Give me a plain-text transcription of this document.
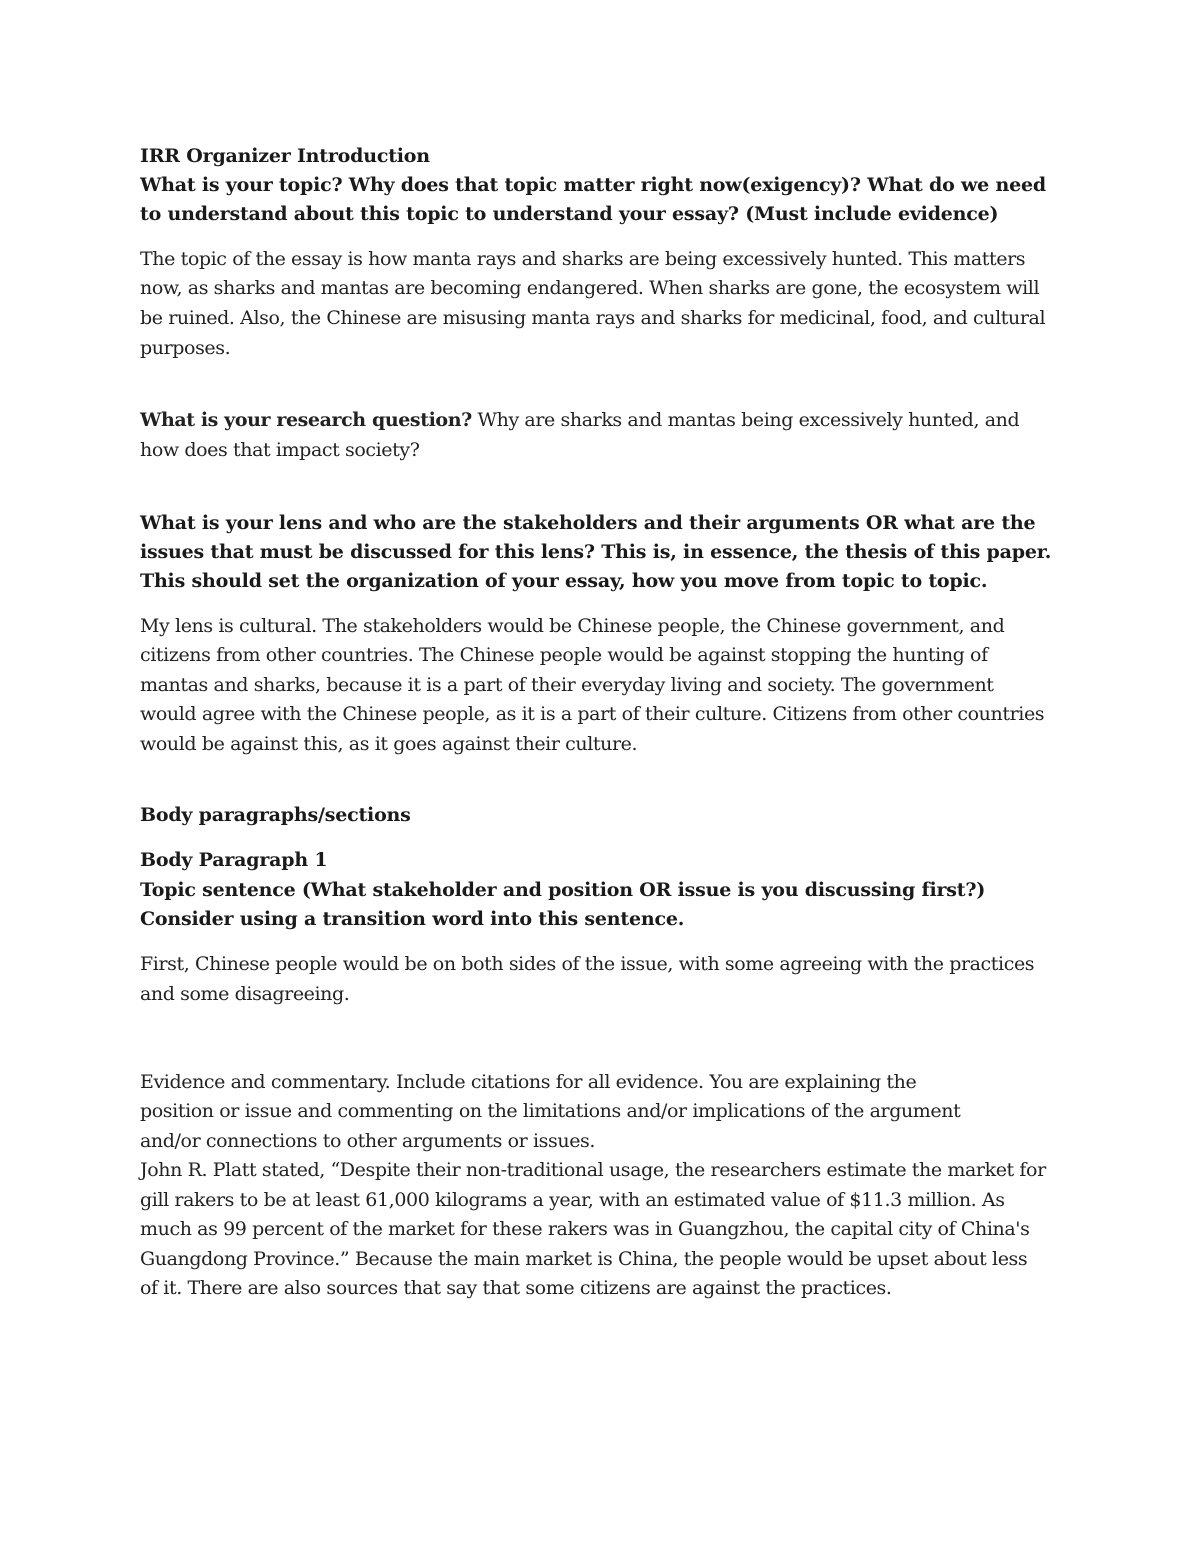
IRR Organizer Introduction
What is your topic? Why does that topic matter right now(exigency)? What do we need
to understand about this topic to understand your essay? (Must include evidence)
The topic of the essay is how manta rays and sharks are being excessively hunted. This matters
now, as sharks and mantas are becoming endangered. When sharks are gone, the ecosystem will
be ruined. Also, the Chinese are misusing manta rays and sharks for medicinal, food, and cultural
purposes.
What is your research question? Why are sharks and mantas being excessively hunted, and
how does that impact society?
What is your lens and who are the stakeholders and their arguments OR what are the
issues that must be discussed for this lens? This is, in essence, the thesis of this paper.
This should set the organization of your essay, how you move from topic to topic.
My lens is cultural. The stakeholders would be Chinese people, the Chinese government, and
citizens from other countries. The Chinese people would be against stopping the hunting of
mantas and sharks, because it is a part of their everyday living and society. The government
would agree with the Chinese people, as it is a part of their culture. Citizens from other countries
would be against this, as it goes against their culture.
Body paragraphs/sections
Body Paragraph 1
Topic sentence (What stakeholder and position OR issue is you discussing first?)
Consider using a transition word into this sentence.
First, Chinese people would be on both sides of the issue, with some agreeing with the practices
and some disagreeing.
Evidence and commentary. Include citations for all evidence. You are explaining the
position or issue and commenting on the limitations and/or implications of the argument
and/or connections to other arguments or issues.
John R. Platt stated, “Despite their non-traditional usage, the researchers estimate the market for
gill rakers to be at least 61,000 kilograms a year, with an estimated value of $11.3 million. As
much as 99 percent of the market for these rakers was in Guangzhou, the capital city of China's
Guangdong Province.” Because the main market is China, the people would be upset about less
of it. There are also sources that say that some citizens are against the practices.
